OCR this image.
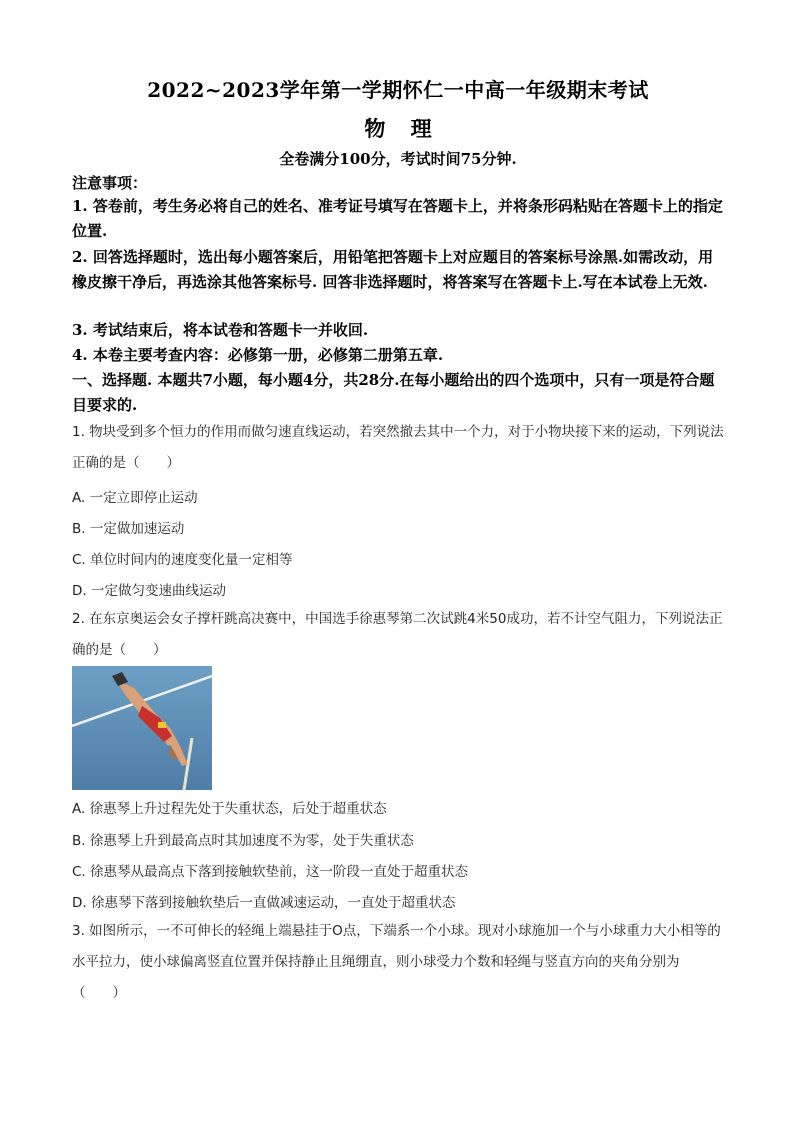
2022~2023学年第一学期怀仁一中高一年级期末考试
物 理
全卷满分100分，考试时间75分钟.
注意事项：
1. 答卷前，考生务必将自己的姓名、准考证号填写在答题卡上，并将条形码粘贴在答题卡上的指定位置.
2. 回答选择题时，选出每小题答案后，用铅笔把答题卡上对应题目的答案标号涂黑.如需改动，用橡皮擦干净后，再选涂其他答案标号. 回答非选择题时，将答案写在答题卡上.写在本试卷上无效.
3. 考试结束后，将本试卷和答题卡一并收回.
4. 本卷主要考查内容：必修第一册，必修第二册第五章.
一、选择题. 本题共7小题，每小题4分，共28分.在每小题给出的四个选项中，只有一项是符合题目要求的.
1. 物块受到多个恒力的作用而做匀速直线运动，若突然撤去其中一个力，对于小物块接下来的运动，下列说法正确的是（　　）
A. 一定立即停止运动
B. 一定做加速运动
C. 单位时间内的速度变化量一定相等
D. 一定做匀变速曲线运动
2. 在东京奥运会女子撑杆跳高决赛中，中国选手徐惠琴第二次试跳4米50成功，若不计空气阻力，下列说法正确的是（　　）
A. 徐惠琴上升过程先处于失重状态，后处于超重状态
B. 徐惠琴上升到最高点时其加速度不为零，处于失重状态
C. 徐惠琴从最高点下落到接触软垫前，这一阶段一直处于超重状态
D. 徐惠琴下落到接触软垫后一直做减速运动，一直处于超重状态
3. 如图所示，一不可伸长的轻绳上端悬挂于O点，下端系一个小球。现对小球施加一个与小球重力大小相等的水平拉力，使小球偏离竖直位置并保持静止且绳绷直，则小球受力个数和轻绳与竖直方向的夹角分别为（　　）
